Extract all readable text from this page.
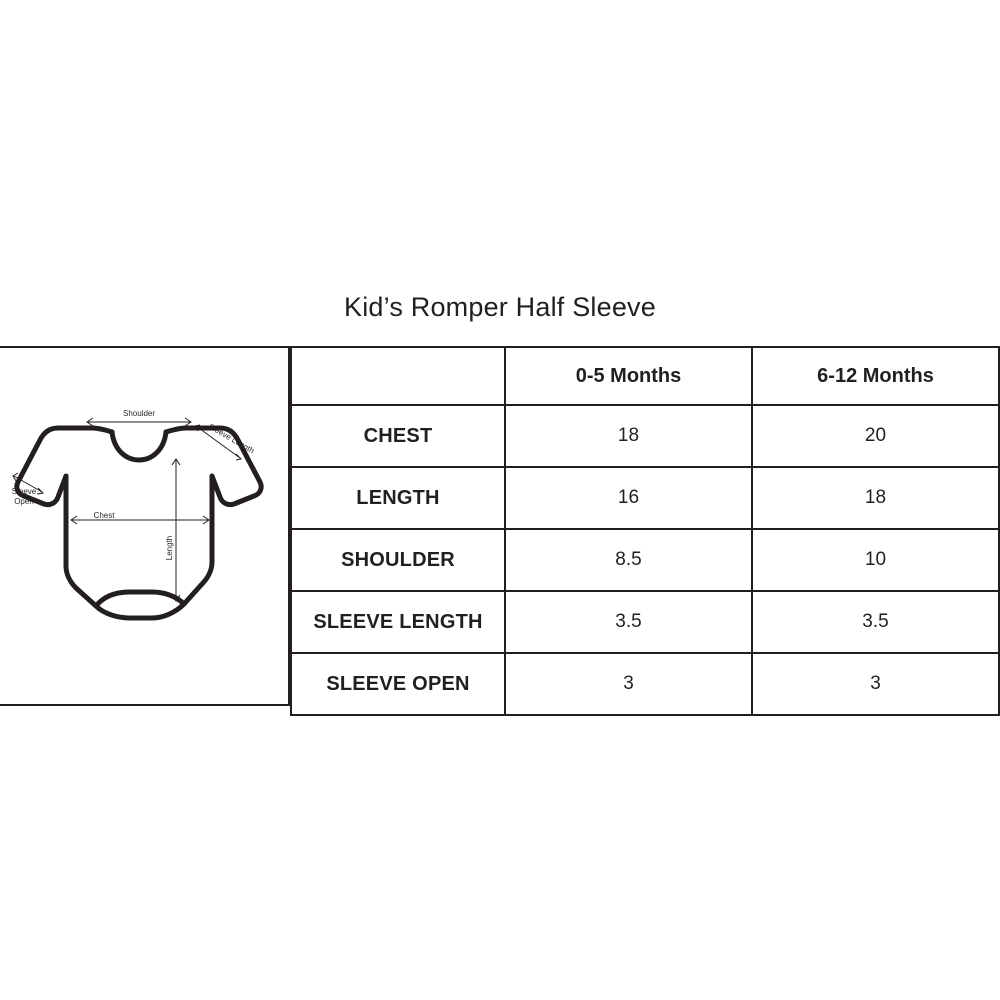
Kid’s Romper Half Sleeve
Shoulder
Sleeve Length
Sleeve
Open
Chest
Length
	0-5 Months	6-12 Months
CHEST	18	20
LENGTH	16	18
SHOULDER	8.5	10
SLEEVE LENGTH	3.5	3.5
SLEEVE OPEN	3	3
